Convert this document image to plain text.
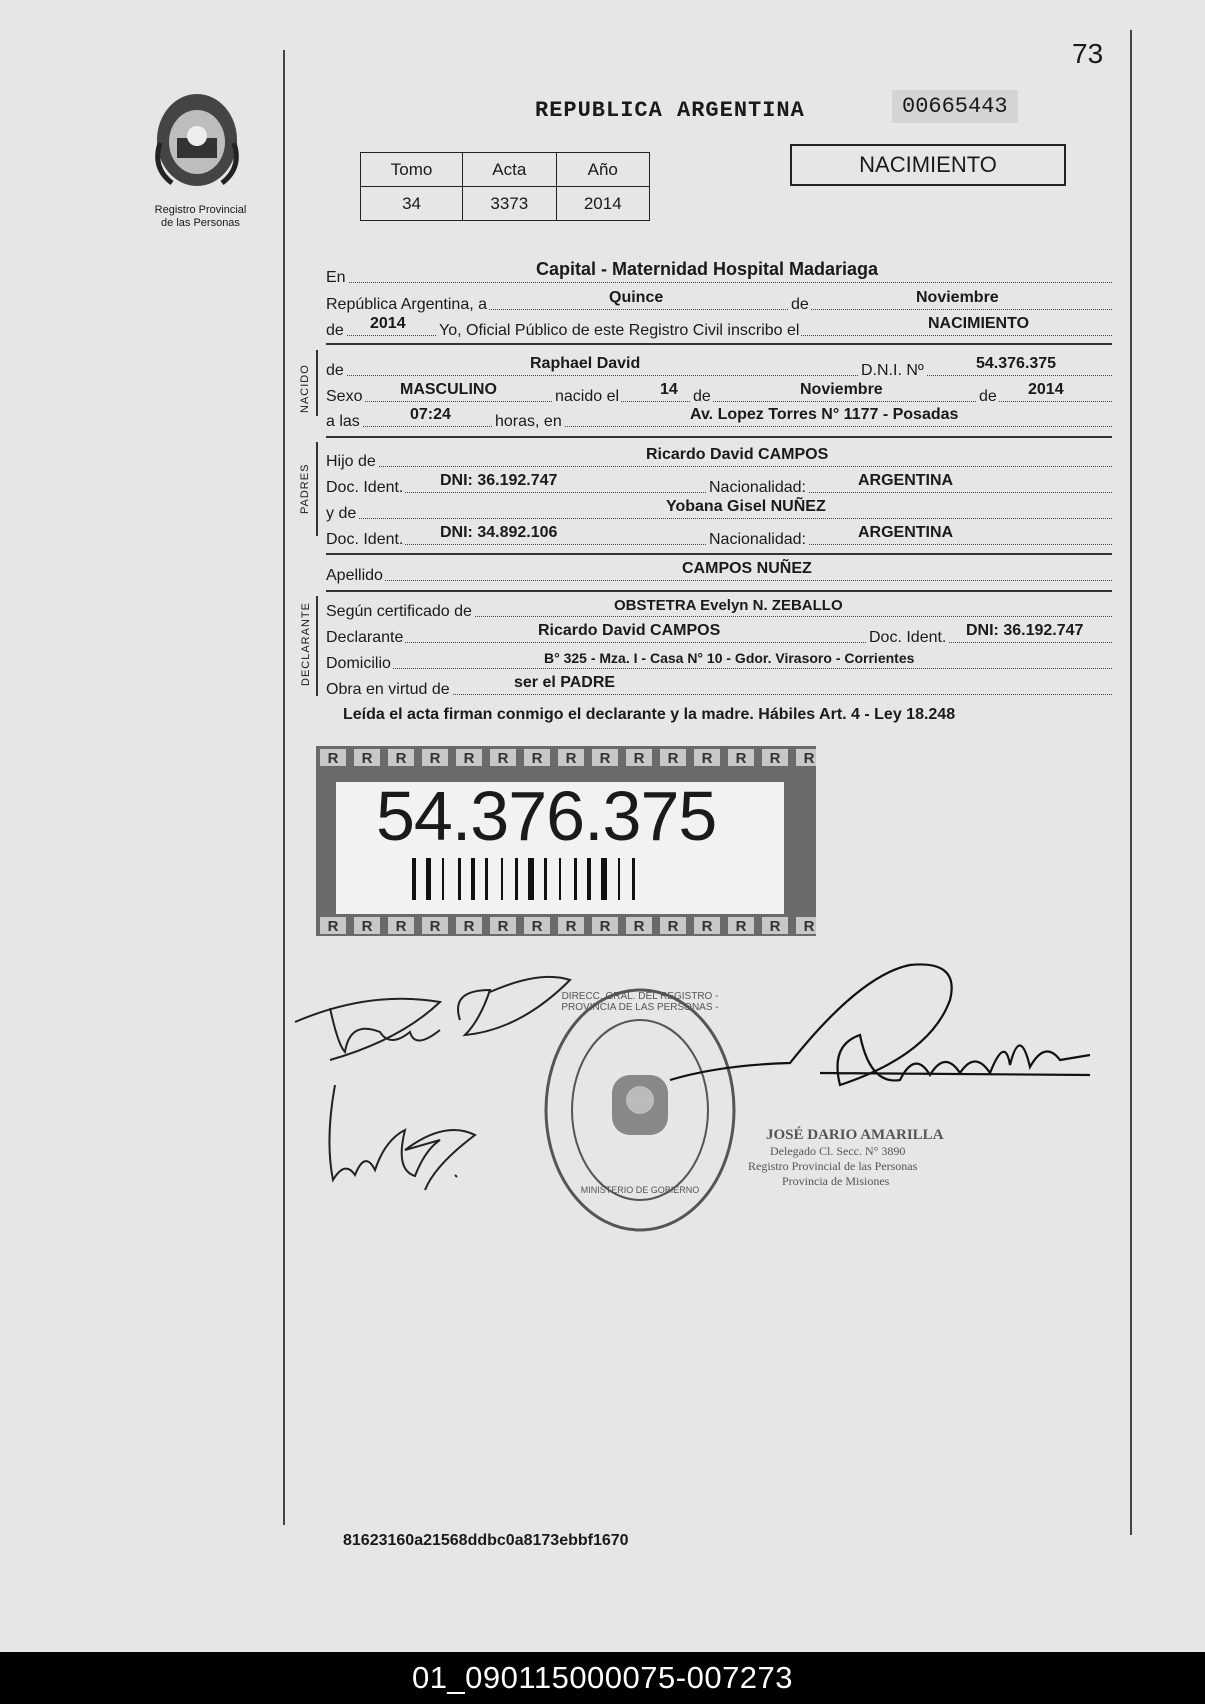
73
Registro Provincial
de las Personas
REPUBLICA ARGENTINA	00665443
Tomo	Acta	Año
34	3373	2014
NACIMIENTO
En	Capital - Maternidad Hospital Madariaga
República Argentina, a	Quince	de	Noviembre
de 2014 Yo, Oficial Público de este Registro Civil inscribo el	NACIMIENTO
NACIDO de	Raphael David	D.N.I. Nº	54.376.375
Sexo MASCULINO	nacido el	14 de	Noviembre	de 2014
a las	07:24	horas, en	Av. Lopez Torres N° 1177 - Posadas
PADRES
Hijo de	Ricardo David CAMPOS
Doc. Ident. DNI: 36.192.747	Nacionalidad:	ARGENTINA
y de	Yobana Gisel NUÑEZ
Doc. Ident. DNI: 34.892.106	Nacionalidad:	ARGENTINA
Apellido	CAMPOS NUÑEZ
DECLARANTE Según certificado de	OBSTETRA Evelyn N. ZEBALLO
Declarante	Ricardo David CAMPOS	Doc. Ident. DNI: 36.192.747
Domicilio	B° 325 - Mza. I - Casa N° 10 - Gdor. Virasoro - Corrientes
Obra en virtud de	ser el PADRE
Leída el acta firman conmigo el declarante y la madre. Hábiles Art. 4 - Ley 18.248
R R R R R R R R R R R R R R R
R R R R R R R R R R R R R R R
54.376.375
DIRECC. GRAL. DEL REGISTRO - PROVINCIA DE LAS PERSONAS -
MINISTERIO DE GOBIERNO
JOSÉ DARIO AMARILLA
Delegado Cl. Secc. N° 3890
Registro Provincial de las Personas
Provincia de Misiones
81623160a21568ddbc0a8173ebbf1670
01_090115000075-007273
